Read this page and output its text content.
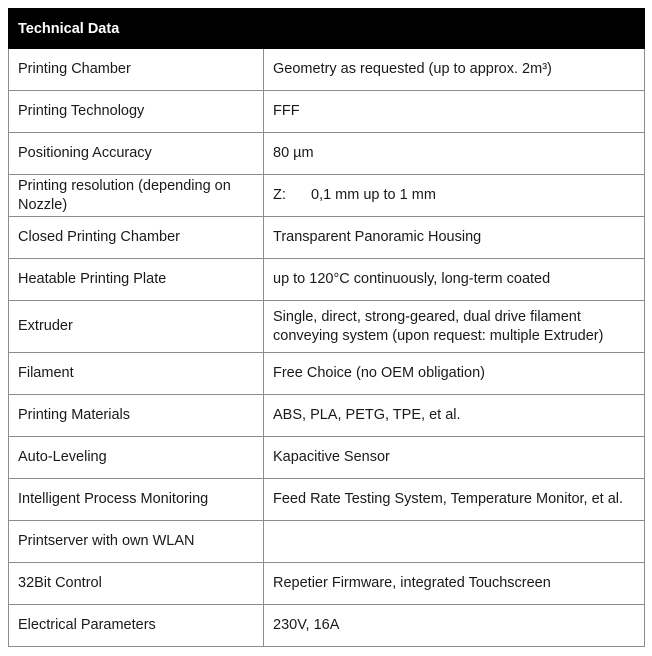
Technical Data	
Printing Chamber	Geometry as requested (up to approx. 2m³)
Printing Technology	FFF
Positioning Accuracy	80 µm
Printing resolution (depending on Nozzle)	Z: 0,1 mm up to 1 mm
Closed Printing Chamber	Transparent Panoramic Housing
Heatable Printing Plate	up to 120°C continuously, long-term coated
Extruder	Single, direct, strong-geared, dual drive filament conveying system (upon request: multiple Extruder)
Filament	Free Choice (no OEM obligation)
Printing Materials	ABS, PLA, PETG, TPE, et al.
Auto-Leveling	Kapacitive Sensor
Intelligent Process Monitoring	Feed Rate Testing System, Temperature Monitor, et al.
Printserver with own WLAN	
32Bit Control	Repetier Firmware, integrated Touchscreen
Electrical Parameters	230V, 16A
